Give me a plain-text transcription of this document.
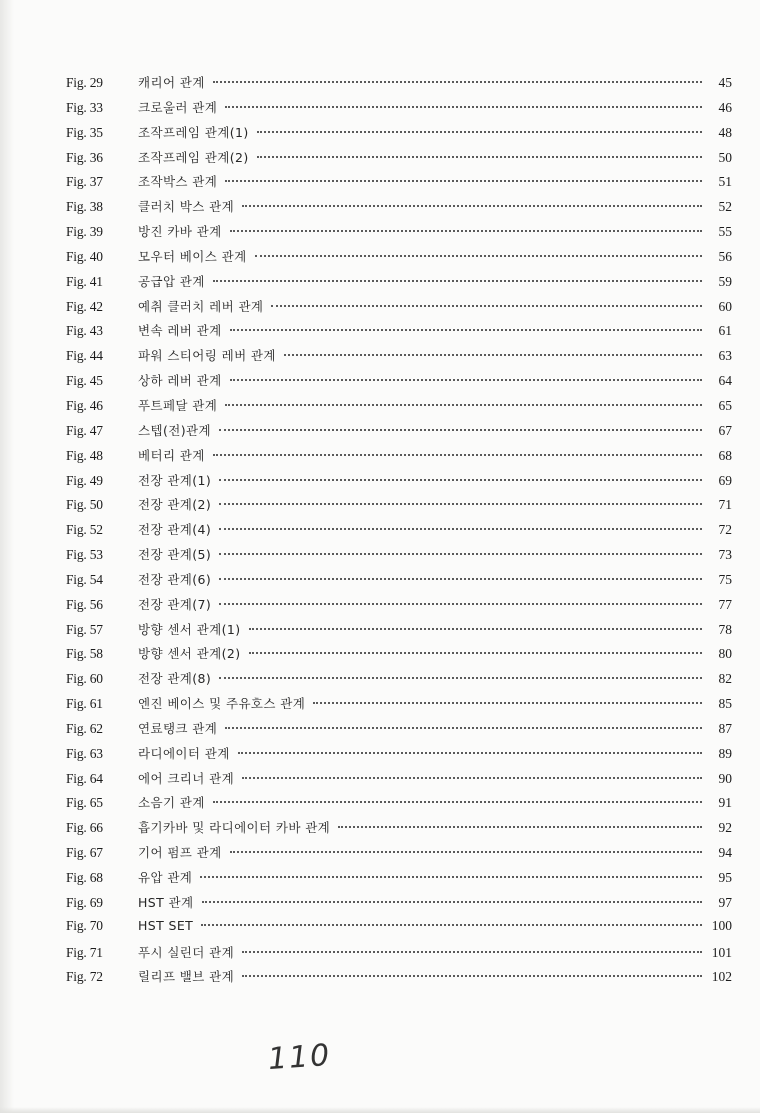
Fig. 29	캐리어 관계	45
Fig. 33	크로울러 관계	46
Fig. 35	조작프레임 관계(1)	48
Fig. 36	조작프레임 관계(2)	50
Fig. 37	조작박스 관계	51
Fig. 38	클러치 박스 관계	52
Fig. 39	방진 카바 관계	55
Fig. 40	모우터 베이스 관계	56
Fig. 41	공급압 관계	59
Fig. 42	예취 클러치 레버 관계	60
Fig. 43	변속 레버 관계	61
Fig. 44	파워 스티어링 레버 관계	63
Fig. 45	상하 레버 관계	64
Fig. 46	푸트페달 관계	65
Fig. 47	스텝(전)관계	67
Fig. 48	베터리 관계	68
Fig. 49	전장 관계(1)	69
Fig. 50	전장 관계(2)	71
Fig. 52	전장 관계(4)	72
Fig. 53	전장 관계(5)	73
Fig. 54	전장 관계(6)	75
Fig. 56	전장 관계(7)	77
Fig. 57	방향 센서 관계(1)	78
Fig. 58	방향 센서 관계(2)	80
Fig. 60	전장 관계(8)	82
Fig. 61	엔진 베이스 및 주유호스 관계	85
Fig. 62	연료탱크 관계	87
Fig. 63	라디에이터 관계	89
Fig. 64	에어 크리너 관계	90
Fig. 65	소음기 관계	91
Fig. 66	흡기카바 및 라디에이터 카바 관계	92
Fig. 67	기어 펌프 관계	94
Fig. 68	유압 관계	95
Fig. 69	HST 관계	97
Fig. 70	HST SET	100
Fig. 71	푸시 실린더 관계	101
Fig. 72	릴리프 밸브 관계	102
110
